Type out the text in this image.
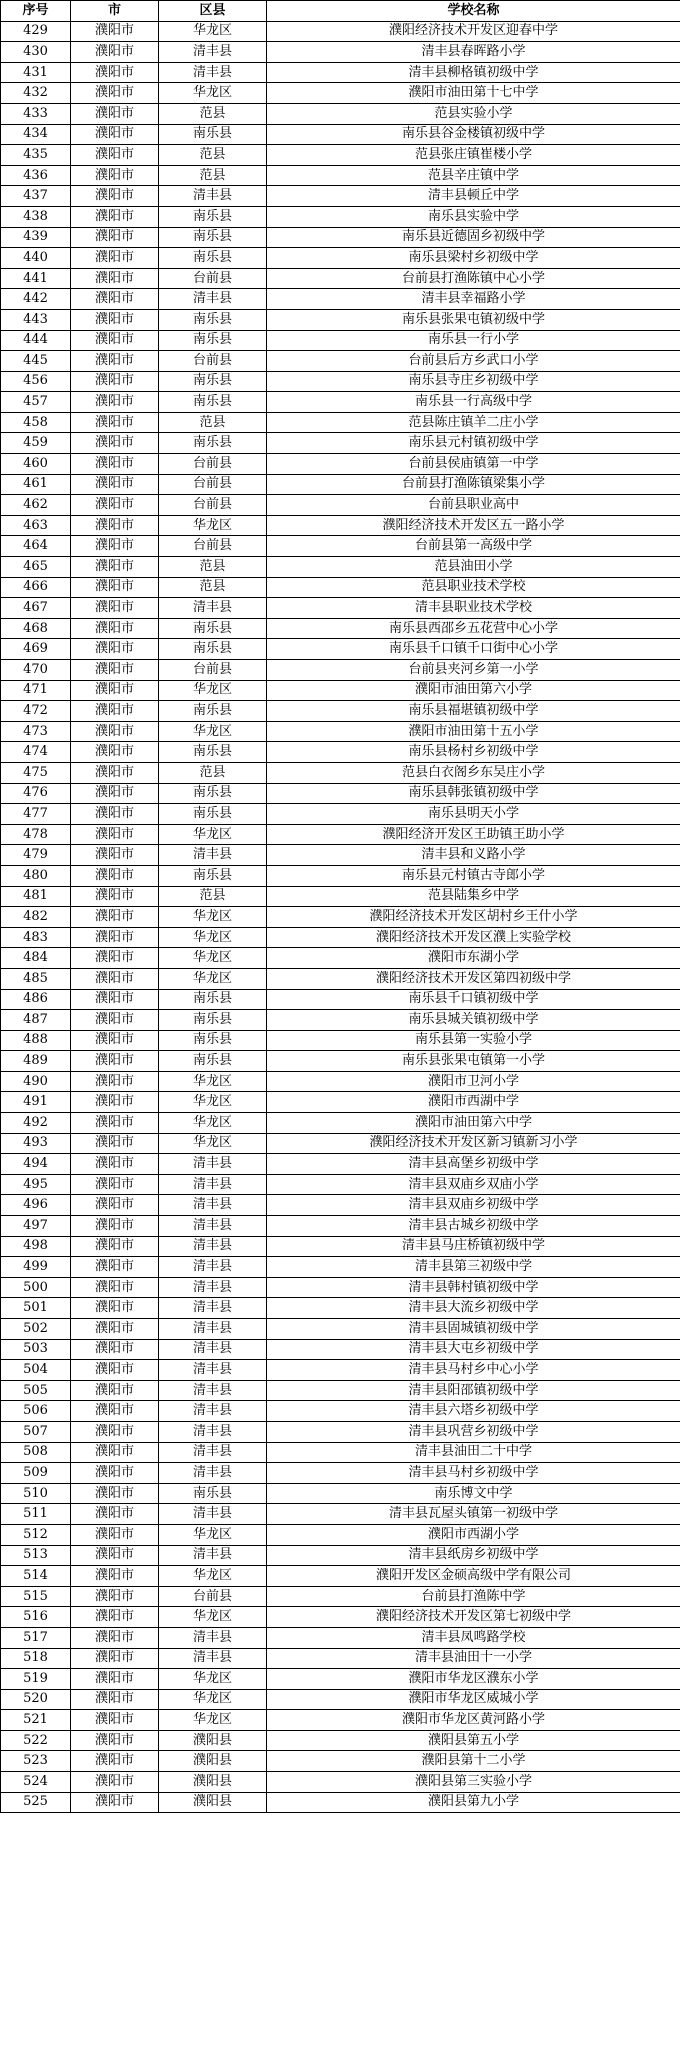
序号	市	区县	学校名称
429	濮阳市	华龙区	濮阳经济技术开发区迎春中学
430	濮阳市	清丰县	清丰县春晖路小学
431	濮阳市	清丰县	清丰县柳格镇初级中学
432	濮阳市	华龙区	濮阳市油田第十七中学
433	濮阳市	范县	范县实验小学
434	濮阳市	南乐县	南乐县谷金楼镇初级中学
435	濮阳市	范县	范县张庄镇崔楼小学
436	濮阳市	范县	范县辛庄镇中学
437	濮阳市	清丰县	清丰县顿丘中学
438	濮阳市	南乐县	南乐县实验中学
439	濮阳市	南乐县	南乐县近德固乡初级中学
440	濮阳市	南乐县	南乐县梁村乡初级中学
441	濮阳市	台前县	台前县打渔陈镇中心小学
442	濮阳市	清丰县	清丰县幸福路小学
443	濮阳市	南乐县	南乐县张果屯镇初级中学
444	濮阳市	南乐县	南乐县一行小学
445	濮阳市	台前县	台前县后方乡武口小学
456	濮阳市	南乐县	南乐县寺庄乡初级中学
457	濮阳市	南乐县	南乐县一行高级中学
458	濮阳市	范县	范县陈庄镇羊二庄小学
459	濮阳市	南乐县	南乐县元村镇初级中学
460	濮阳市	台前县	台前县侯庙镇第一中学
461	濮阳市	台前县	台前县打渔陈镇梁集小学
462	濮阳市	台前县	台前县职业高中
463	濮阳市	华龙区	濮阳经济技术开发区五一路小学
464	濮阳市	台前县	台前县第一高级中学
465	濮阳市	范县	范县油田小学
466	濮阳市	范县	范县职业技术学校
467	濮阳市	清丰县	清丰县职业技术学校
468	濮阳市	南乐县	南乐县西邵乡五花营中心小学
469	濮阳市	南乐县	南乐县千口镇千口街中心小学
470	濮阳市	台前县	台前县夹河乡第一小学
471	濮阳市	华龙区	濮阳市油田第六小学
472	濮阳市	南乐县	南乐县福堪镇初级中学
473	濮阳市	华龙区	濮阳市油田第十五小学
474	濮阳市	南乐县	南乐县杨村乡初级中学
475	濮阳市	范县	范县白衣阁乡东吴庄小学
476	濮阳市	南乐县	南乐县韩张镇初级中学
477	濮阳市	南乐县	南乐县明天小学
478	濮阳市	华龙区	濮阳经济开发区王助镇王助小学
479	濮阳市	清丰县	清丰县和义路小学
480	濮阳市	南乐县	南乐县元村镇古寺郎小学
481	濮阳市	范县	范县陆集乡中学
482	濮阳市	华龙区	濮阳经济技术开发区胡村乡王什小学
483	濮阳市	华龙区	濮阳经济技术开发区濮上实验学校
484	濮阳市	华龙区	濮阳市东湖小学
485	濮阳市	华龙区	濮阳经济技术开发区第四初级中学
486	濮阳市	南乐县	南乐县千口镇初级中学
487	濮阳市	南乐县	南乐县城关镇初级中学
488	濮阳市	南乐县	南乐县第一实验小学
489	濮阳市	南乐县	南乐县张果屯镇第一小学
490	濮阳市	华龙区	濮阳市卫河小学
491	濮阳市	华龙区	濮阳市西湖中学
492	濮阳市	华龙区	濮阳市油田第六中学
493	濮阳市	华龙区	濮阳经济技术开发区新习镇新习小学
494	濮阳市	清丰县	清丰县高堡乡初级中学
495	濮阳市	清丰县	清丰县双庙乡双庙小学
496	濮阳市	清丰县	清丰县双庙乡初级中学
497	濮阳市	清丰县	清丰县古城乡初级中学
498	濮阳市	清丰县	清丰县马庄桥镇初级中学
499	濮阳市	清丰县	清丰县第三初级中学
500	濮阳市	清丰县	清丰县韩村镇初级中学
501	濮阳市	清丰县	清丰县大流乡初级中学
502	濮阳市	清丰县	清丰县固城镇初级中学
503	濮阳市	清丰县	清丰县大屯乡初级中学
504	濮阳市	清丰县	清丰县马村乡中心小学
505	濮阳市	清丰县	清丰县阳邵镇初级中学
506	濮阳市	清丰县	清丰县六塔乡初级中学
507	濮阳市	清丰县	清丰县巩营乡初级中学
508	濮阳市	清丰县	清丰县油田二十中学
509	濮阳市	清丰县	清丰县马村乡初级中学
510	濮阳市	南乐县	南乐博文中学
511	濮阳市	清丰县	清丰县瓦屋头镇第一初级中学
512	濮阳市	华龙区	濮阳市西湖小学
513	濮阳市	清丰县	清丰县纸房乡初级中学
514	濮阳市	华龙区	濮阳开发区金硕高级中学有限公司
515	濮阳市	台前县	台前县打渔陈中学
516	濮阳市	华龙区	濮阳经济技术开发区第七初级中学
517	濮阳市	清丰县	清丰县凤鸣路学校
518	濮阳市	清丰县	清丰县油田十一小学
519	濮阳市	华龙区	濮阳市华龙区濮东小学
520	濮阳市	华龙区	濮阳市华龙区威城小学
521	濮阳市	华龙区	濮阳市华龙区黄河路小学
522	濮阳市	濮阳县	濮阳县第五小学
523	濮阳市	濮阳县	濮阳县第十二小学
524	濮阳市	濮阳县	濮阳县第三实验小学
525	濮阳市	濮阳县	濮阳县第九小学
